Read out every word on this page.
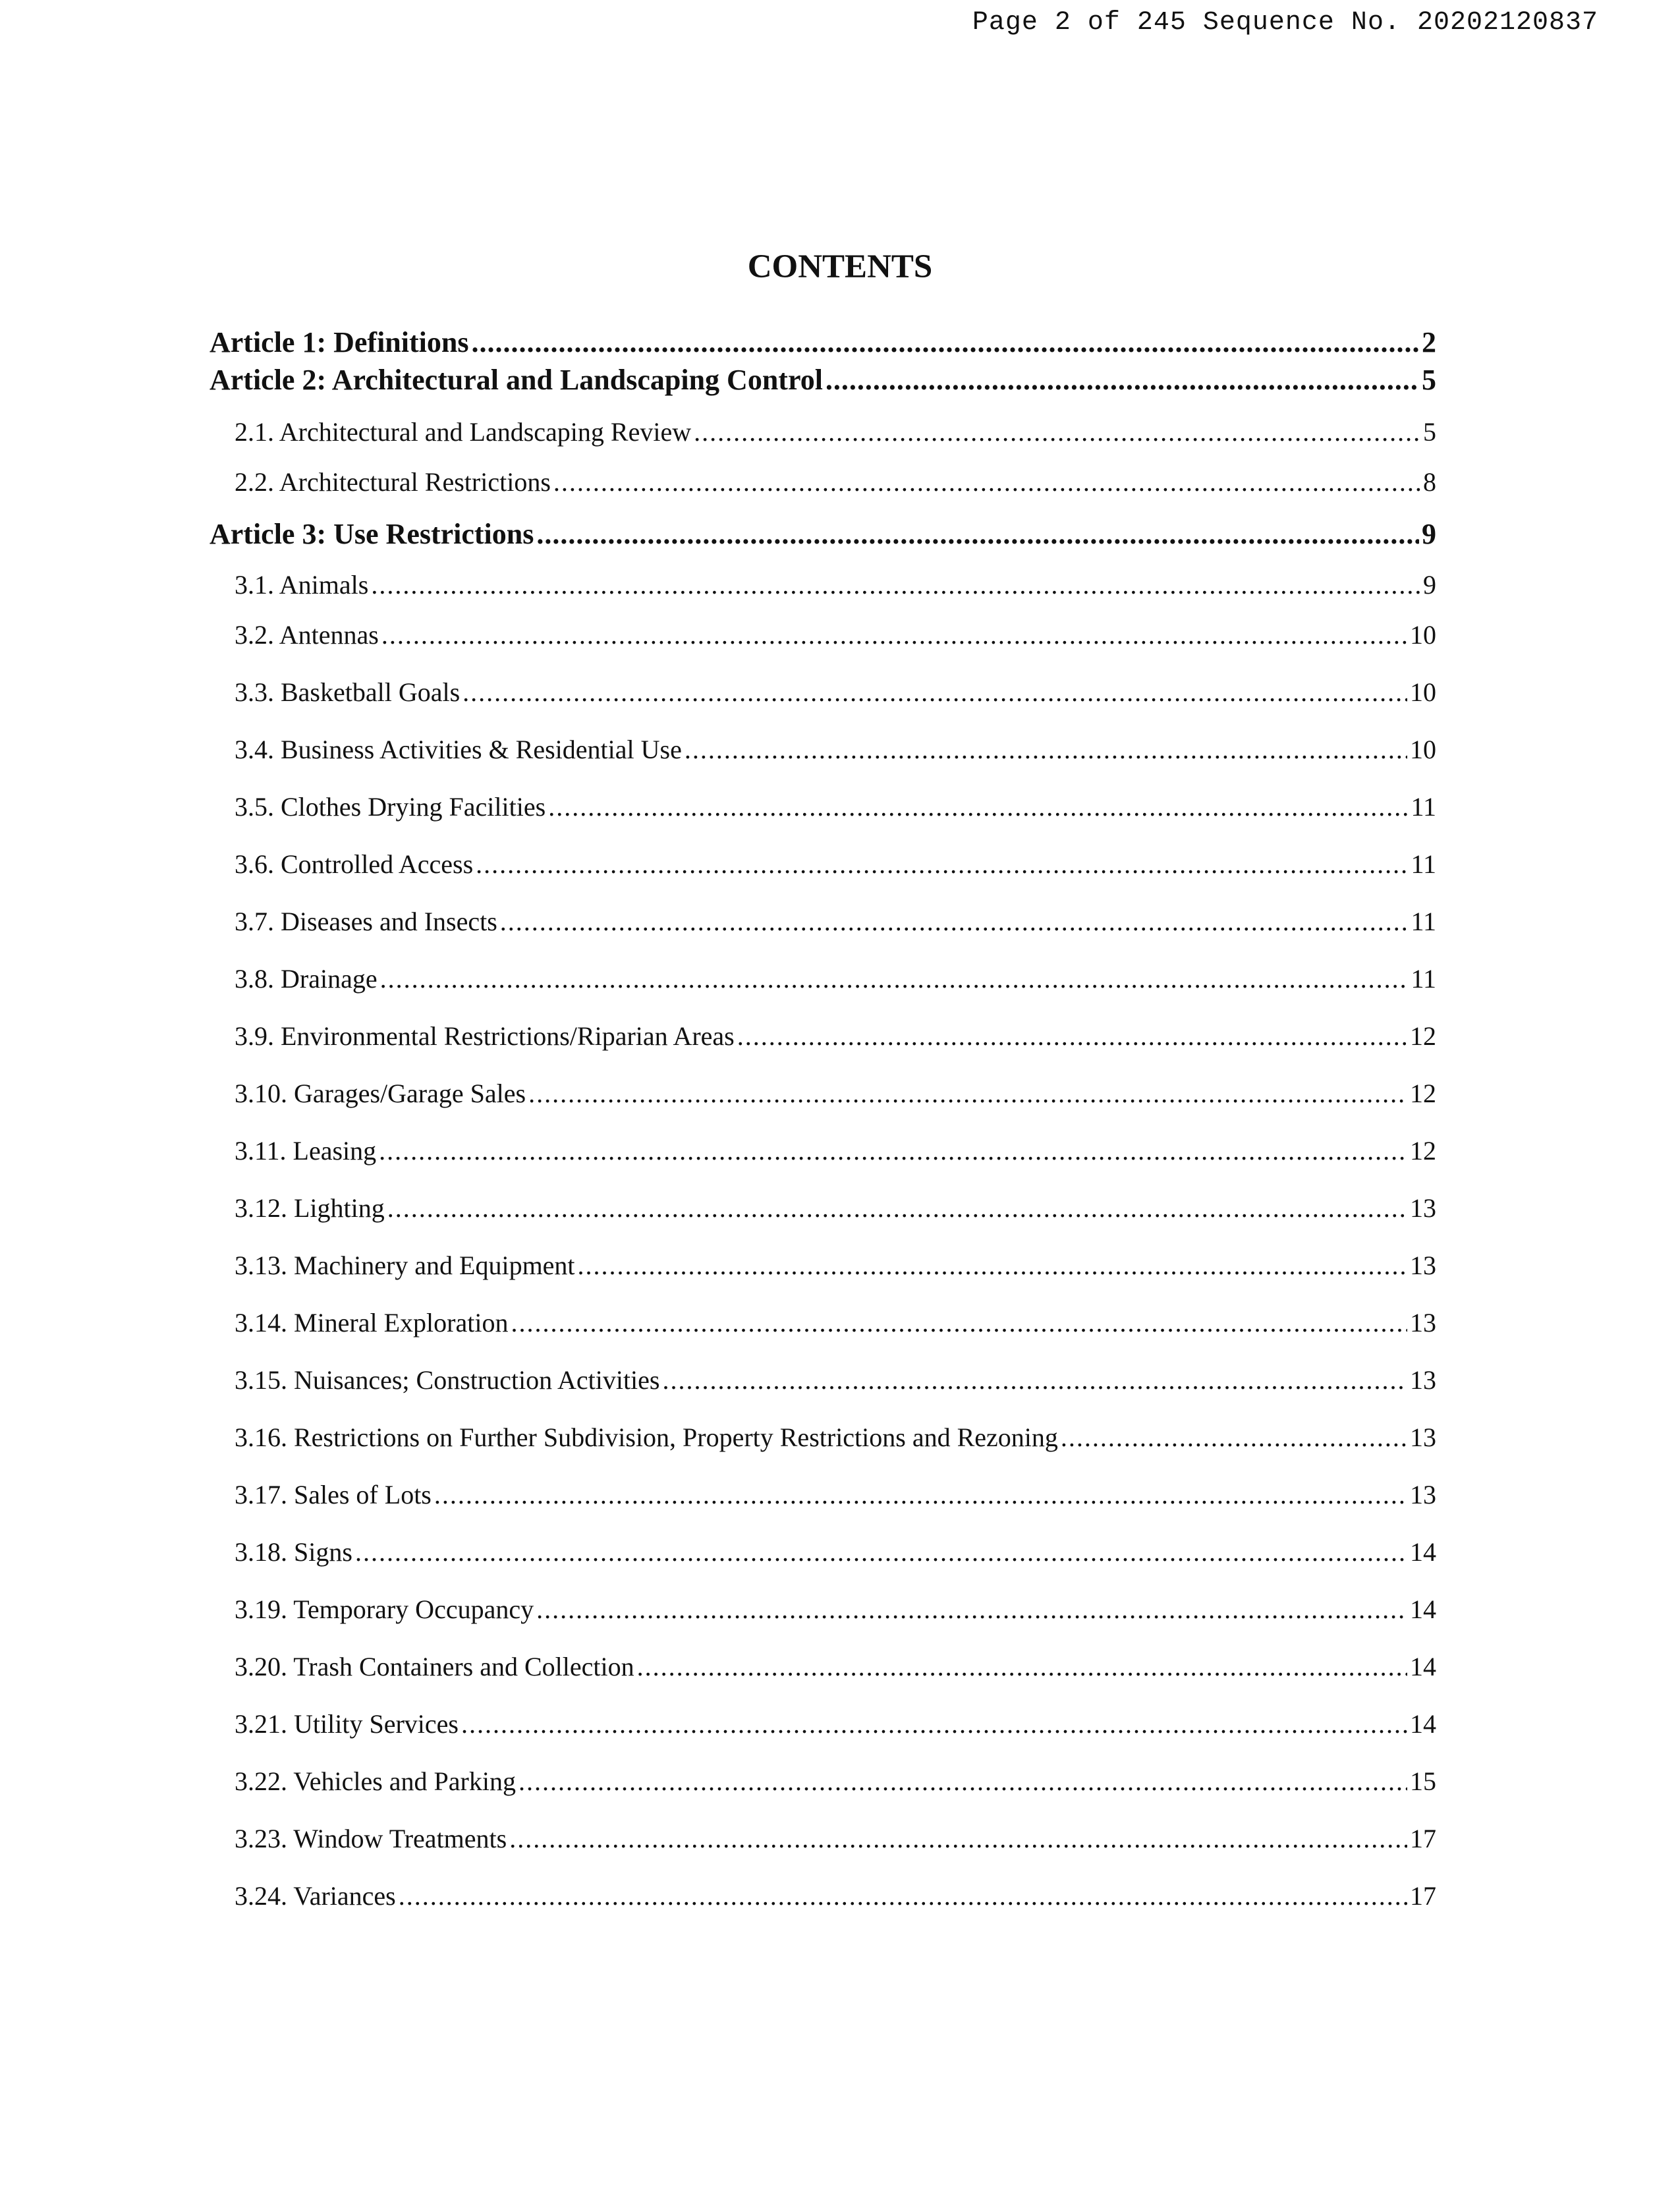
Page 2 of 245 Sequence No. 20202120837
CONTENTS
Article 1: Definitions .....	2
Article 2: Architectural and Landscaping Control .....	5
2.1. Architectural and Landscaping Review .....	5
2.2. Architectural Restrictions .....	8
Article 3: Use Restrictions .....	9
3.1. Animals .....	9
3.2. Antennas .....	10
3.3. Basketball Goals .....	10
3.4. Business Activities & Residential Use .....	10
3.5. Clothes Drying Facilities .....	11
3.6. Controlled Access .....	11
3.7. Diseases and Insects .....	11
3.8. Drainage .....	11
3.9. Environmental Restrictions/Riparian Areas .....	12
3.10. Garages/Garage Sales .....	12
3.11. Leasing .....	12
3.12. Lighting .....	13
3.13. Machinery and Equipment .....	13
3.14. Mineral Exploration .....	13
3.15. Nuisances; Construction Activities .....	13
3.16. Restrictions on Further Subdivision, Property Restrictions and Rezoning .....	13
3.17. Sales of Lots .....	13
3.18. Signs .....	14
3.19. Temporary Occupancy .....	14
3.20. Trash Containers and Collection .....	14
3.21. Utility Services .....	14
3.22. Vehicles and Parking .....	15
3.23. Window Treatments .....	17
3.24. Variances .....	17
